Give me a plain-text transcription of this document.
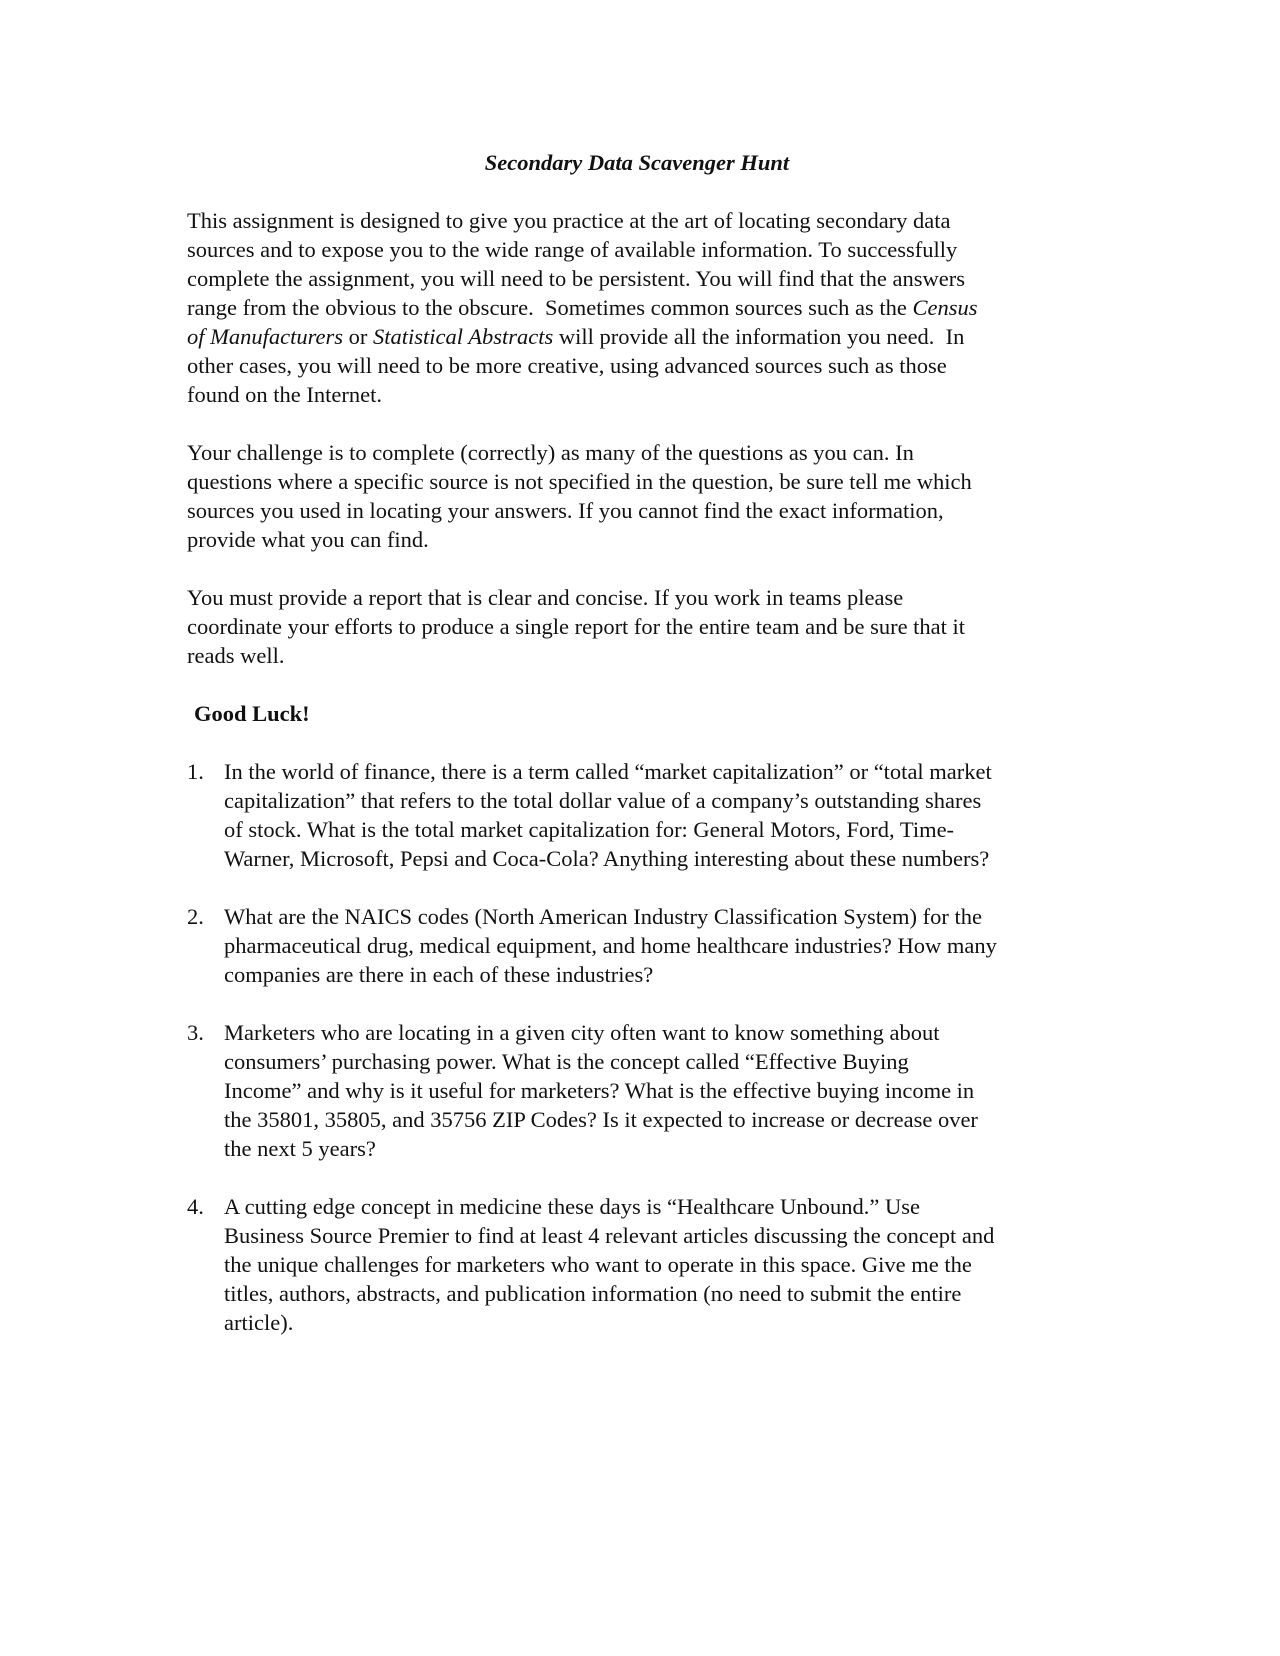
Secondary Data Scavenger Hunt
This assignment is designed to give you practice at the art of locating secondary data
sources and to expose you to the wide range of available information. To successfully
complete the assignment, you will need to be persistent. You will find that the answers
range from the obvious to the obscure.  Sometimes common sources such as the Census
of Manufacturers or Statistical Abstracts will provide all the information you need.  In
other cases, you will need to be more creative, using advanced sources such as those
found on the Internet.
Your challenge is to complete (correctly) as many of the questions as you can. In
questions where a specific source is not specified in the question, be sure tell me which
sources you used in locating your answers. If you cannot find the exact information,
provide what you can find.
You must provide a report that is clear and concise. If you work in teams please
coordinate your efforts to produce a single report for the entire team and be sure that it
reads well.
Good Luck!
1. In the world of finance, there is a term called “market capitalization” or “total market
capitalization” that refers to the total dollar value of a company’s outstanding shares
of stock. What is the total market capitalization for: General Motors, Ford, Time-
Warner, Microsoft, Pepsi and Coca-Cola? Anything interesting about these numbers?
2. What are the NAICS codes (North American Industry Classification System) for the
pharmaceutical drug, medical equipment, and home healthcare industries? How many
companies are there in each of these industries?
3. Marketers who are locating in a given city often want to know something about
consumers’ purchasing power. What is the concept called “Effective Buying
Income” and why is it useful for marketers? What is the effective buying income in
the 35801, 35805, and 35756 ZIP Codes? Is it expected to increase or decrease over
the next 5 years?
4. A cutting edge concept in medicine these days is “Healthcare Unbound.” Use
Business Source Premier to find at least 4 relevant articles discussing the concept and
the unique challenges for marketers who want to operate in this space. Give me the
titles, authors, abstracts, and publication information (no need to submit the entire
article).
